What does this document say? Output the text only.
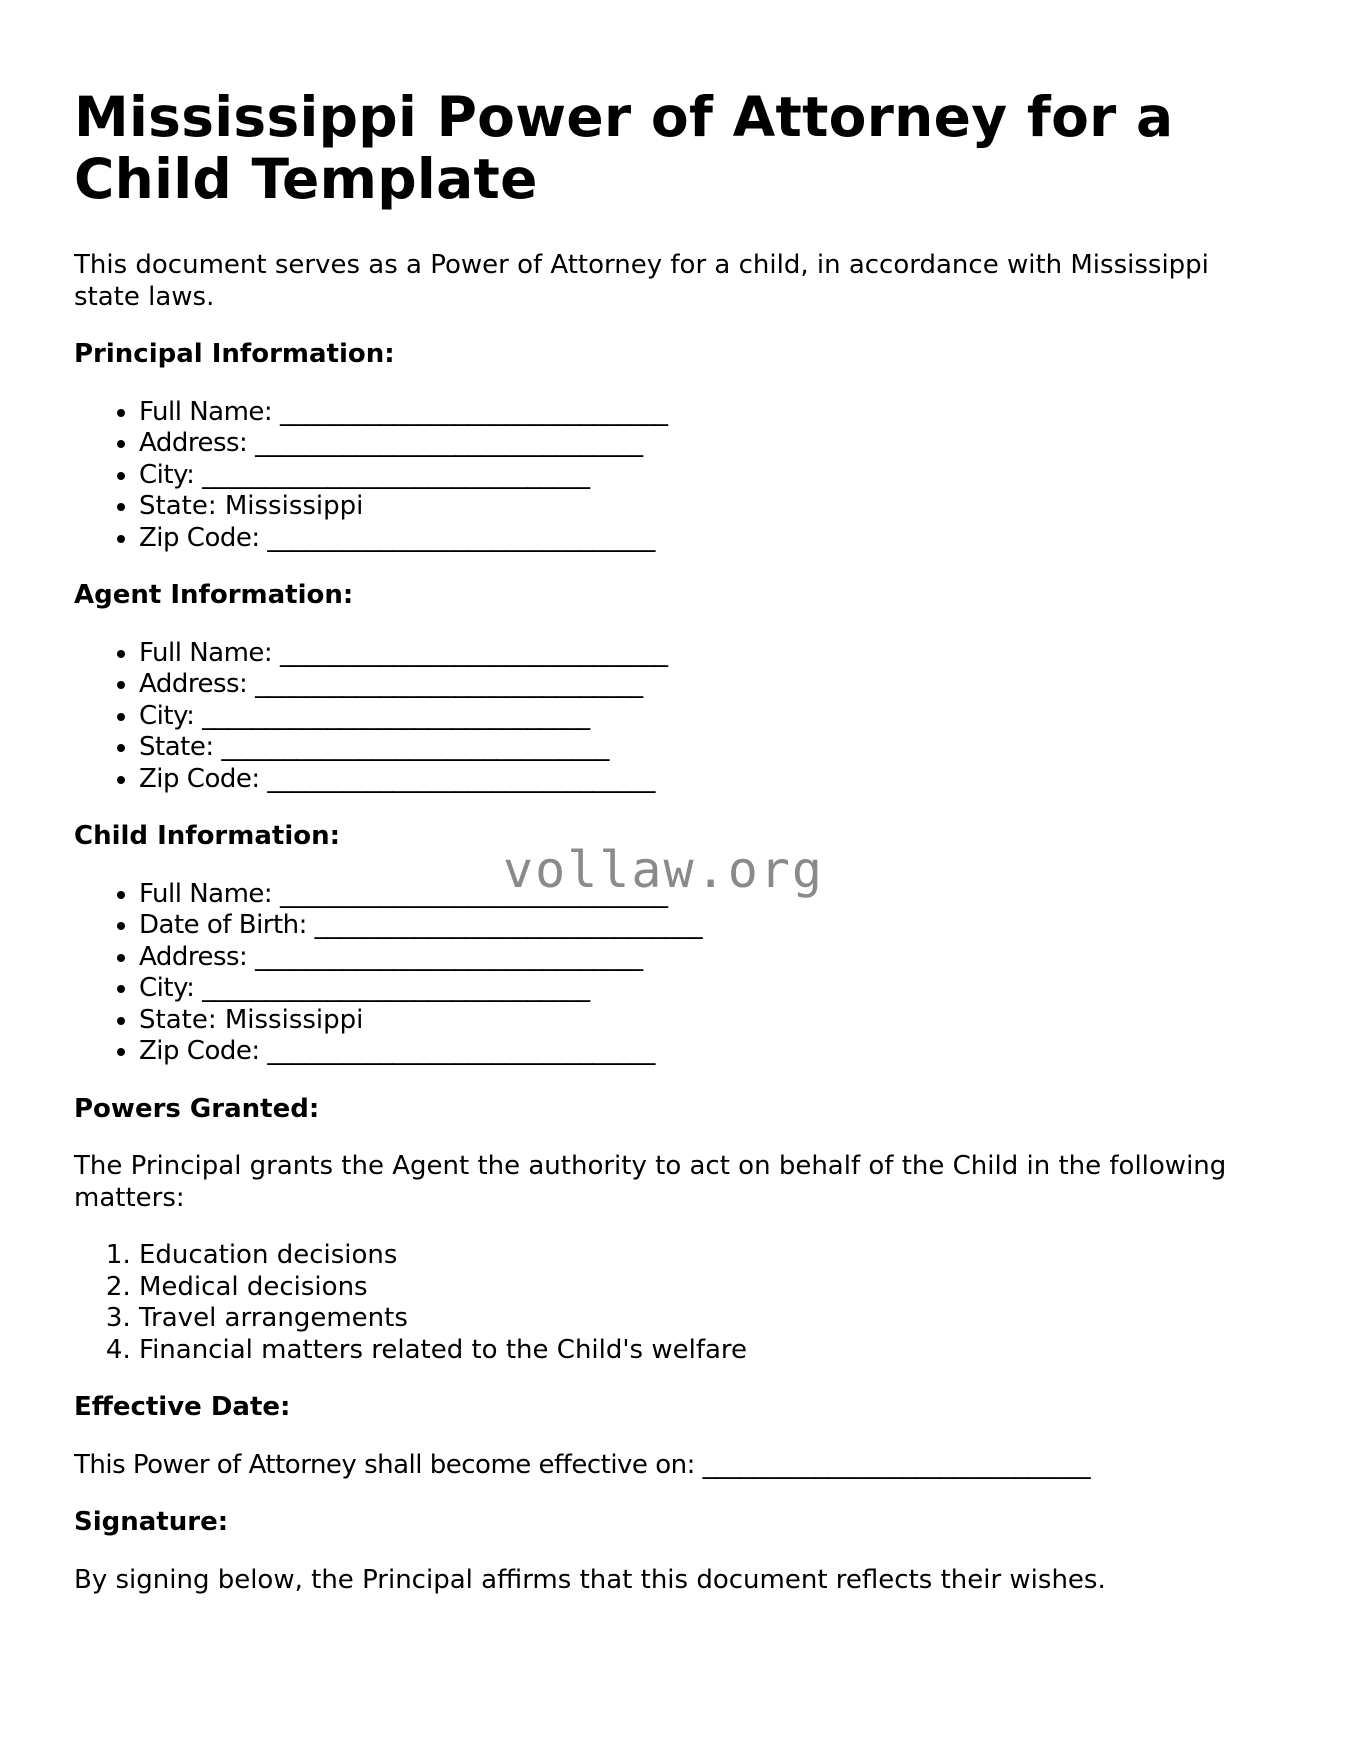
Mississippi Power of Attorney for a Child Template

This document serves as a Power of Attorney for a child, in accordance with Mississippi state laws.

Principal Information:
• Full Name: _______________________________
• Address: _______________________________
• City: _______________________________
• State: Mississippi
• Zip Code: _______________________________
Agent Information:
• Full Name: _______________________________
• Address: _______________________________
• City: _______________________________
• State: _______________________________
• Zip Code: _______________________________
Child Information:
• Full Name: _______________________________
• Date of Birth: _______________________________
• Address: _______________________________
• City: _______________________________
• State: Mississippi
• Zip Code: _______________________________
Powers Granted:

The Principal grants the Agent the authority to act on behalf of the Child in the following matters:

1. Education decisions
2. Medical decisions
3. Travel arrangements
4. Financial matters related to the Child's welfare
Effective Date:

This Power of Attorney shall become effective on: _______________________________

Signature:

By signing below, the Principal affirms that this document reflects their wishes.

vollaw.org
